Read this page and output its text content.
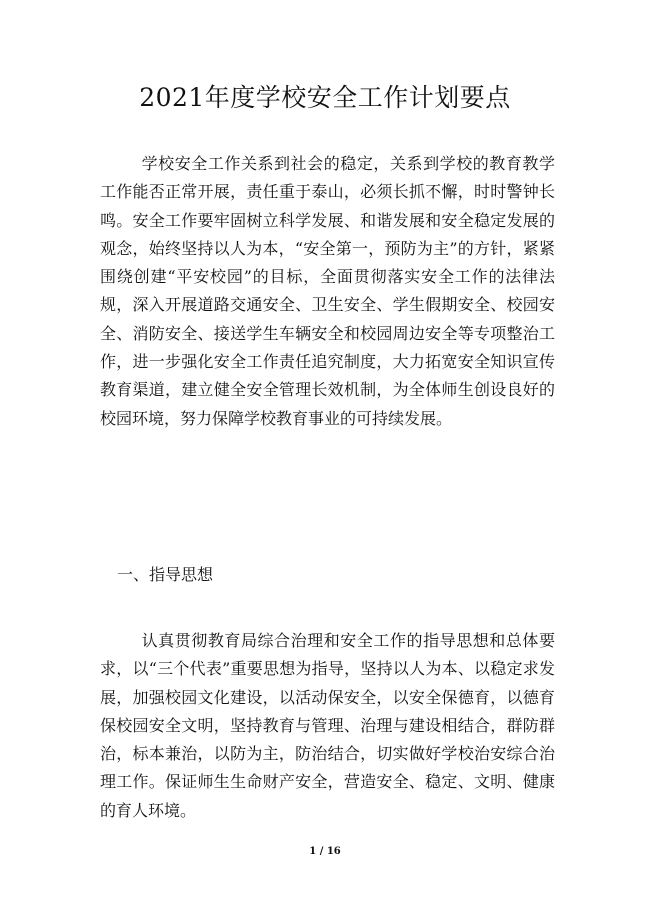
2021年度学校安全工作计划要点

学校安全工作关系到社会的稳定，关系到学校的教育教学工作能否正常开展，责任重于泰山，必须长抓不懈，时时警钟长鸣。安全工作要牢固树立科学发展、和谐发展和安全稳定发展的观念，始终坚持以人为本，“安全第一，预防为主”的方针，紧紧围绕创建“平安校园”的目标，全面贯彻落实安全工作的法律法规，深入开展道路交通安全、卫生安全、学生假期安全、校园安全、消防安全、接送学生车辆安全和校园周边安全等专项整治工作，进一步强化安全工作责任追究制度，大力拓宽安全知识宣传教育渠道，建立健全安全管理长效机制，为全体师生创设良好的校园环境，努力保障学校教育事业的可持续发展。

一、指导思想

认真贯彻教育局综合治理和安全工作的指导思想和总体要求，以“三个代表”重要思想为指导，坚持以人为本、以稳定求发展，加强校园文化建设，以活动保安全，以安全保德育，以德育保校园安全文明，坚持教育与管理、治理与建设相结合，群防群治，标本兼治，以防为主，防治结合，切实做好学校治安综合治理工作。保证师生生命财产安全，营造安全、稳定、文明、健康的育人环境。

1 / 16
